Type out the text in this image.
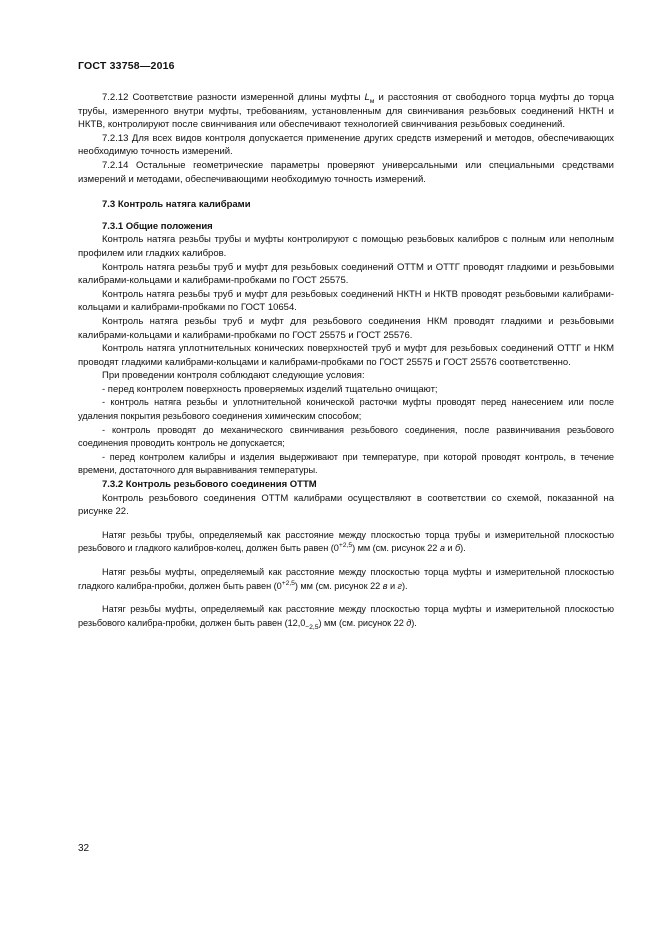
ГОСТ 33758—2016

7.2.12 Соответствие разности измеренной длины муфты $L_м$ и расстояния от свободного торца муфты до торца трубы, измеренного внутри муфты, требованиям, установленным для свинчивания резьбовых соединений НКТН и НКТВ, контролируют после свинчивания или обеспечивают технологией свинчивания резьбовых соединений.

7.2.13 Для всех видов контроля допускается применение других средств измерений и методов, обеспечивающих необходимую точность измерений.

7.2.14 Остальные геометрические параметры проверяют универсальными или специальными средствами измерений и методами, обеспечивающими необходимую точность измерений.

7.3 Контроль натяга калибрами

7.3.1 Общие положения

Контроль натяга резьбы трубы и муфты контролируют с помощью резьбовых калибров с полным или неполным профилем или гладких калибров.

Контроль натяга резьбы труб и муфт для резьбовых соединений ОТТМ и ОТТГ проводят гладкими и резьбовыми калибрами-кольцами и калибрами-пробками по ГОСТ 25575.

Контроль натяга резьбы труб и муфт для резьбовых соединений НКТН и НКТВ проводят резьбовыми калибрами-кольцами и калибрами-пробками по ГОСТ 10654.

Контроль натяга резьбы труб и муфт для резьбового соединения НКМ проводят гладкими и резьбовыми калибрами-кольцами и калибрами-пробками по ГОСТ 25575 и ГОСТ 25576.

Контроль натяга уплотнительных конических поверхностей труб и муфт для резьбовых соединений ОТТГ и НКМ проводят гладкими калибрами-кольцами и калибрами-пробками по ГОСТ 25575 и ГОСТ 25576 соответственно.

При проведении контроля соблюдают следующие условия:

- перед контролем поверхность проверяемых изделий тщательно очищают;

- контроль натяга резьбы и уплотнительной конической расточки муфты проводят перед нанесением или после удаления покрытия резьбового соединения химическим способом;

- контроль проводят до механического свинчивания резьбового соединения, после развинчивания резьбового соединения проводить контроль не допускается;

- перед контролем калибры и изделия выдерживают при температуре, при которой проводят контроль, в течение времени, достаточного для выравнивания температуры.

7.3.2 Контроль резьбового соединения ОТТМ

Контроль резьбового соединения ОТТМ калибрами осуществляют в соответствии со схемой, показанной на рисунке 22.

Натяг резьбы трубы, определяемый как расстояние между плоскостью торца трубы и измерительной плоскостью резьбового и гладкого калибров-колец, должен быть равен $(0^{+2,5})$ мм (см. рисунок 22 а и б).

Натяг резьбы муфты, определяемый как расстояние между плоскостью торца муфты и измерительной плоскостью гладкого калибра-пробки, должен быть равен $(0^{+2,5})$ мм (см. рисунок 22 в и г).

Натяг резьбы муфты, определяемый как расстояние между плоскостью торца муфты и измерительной плоскостью резьбового калибра-пробки, должен быть равен $(12,0_{-2,5})$ мм (см. рисунок 22 д).

32
